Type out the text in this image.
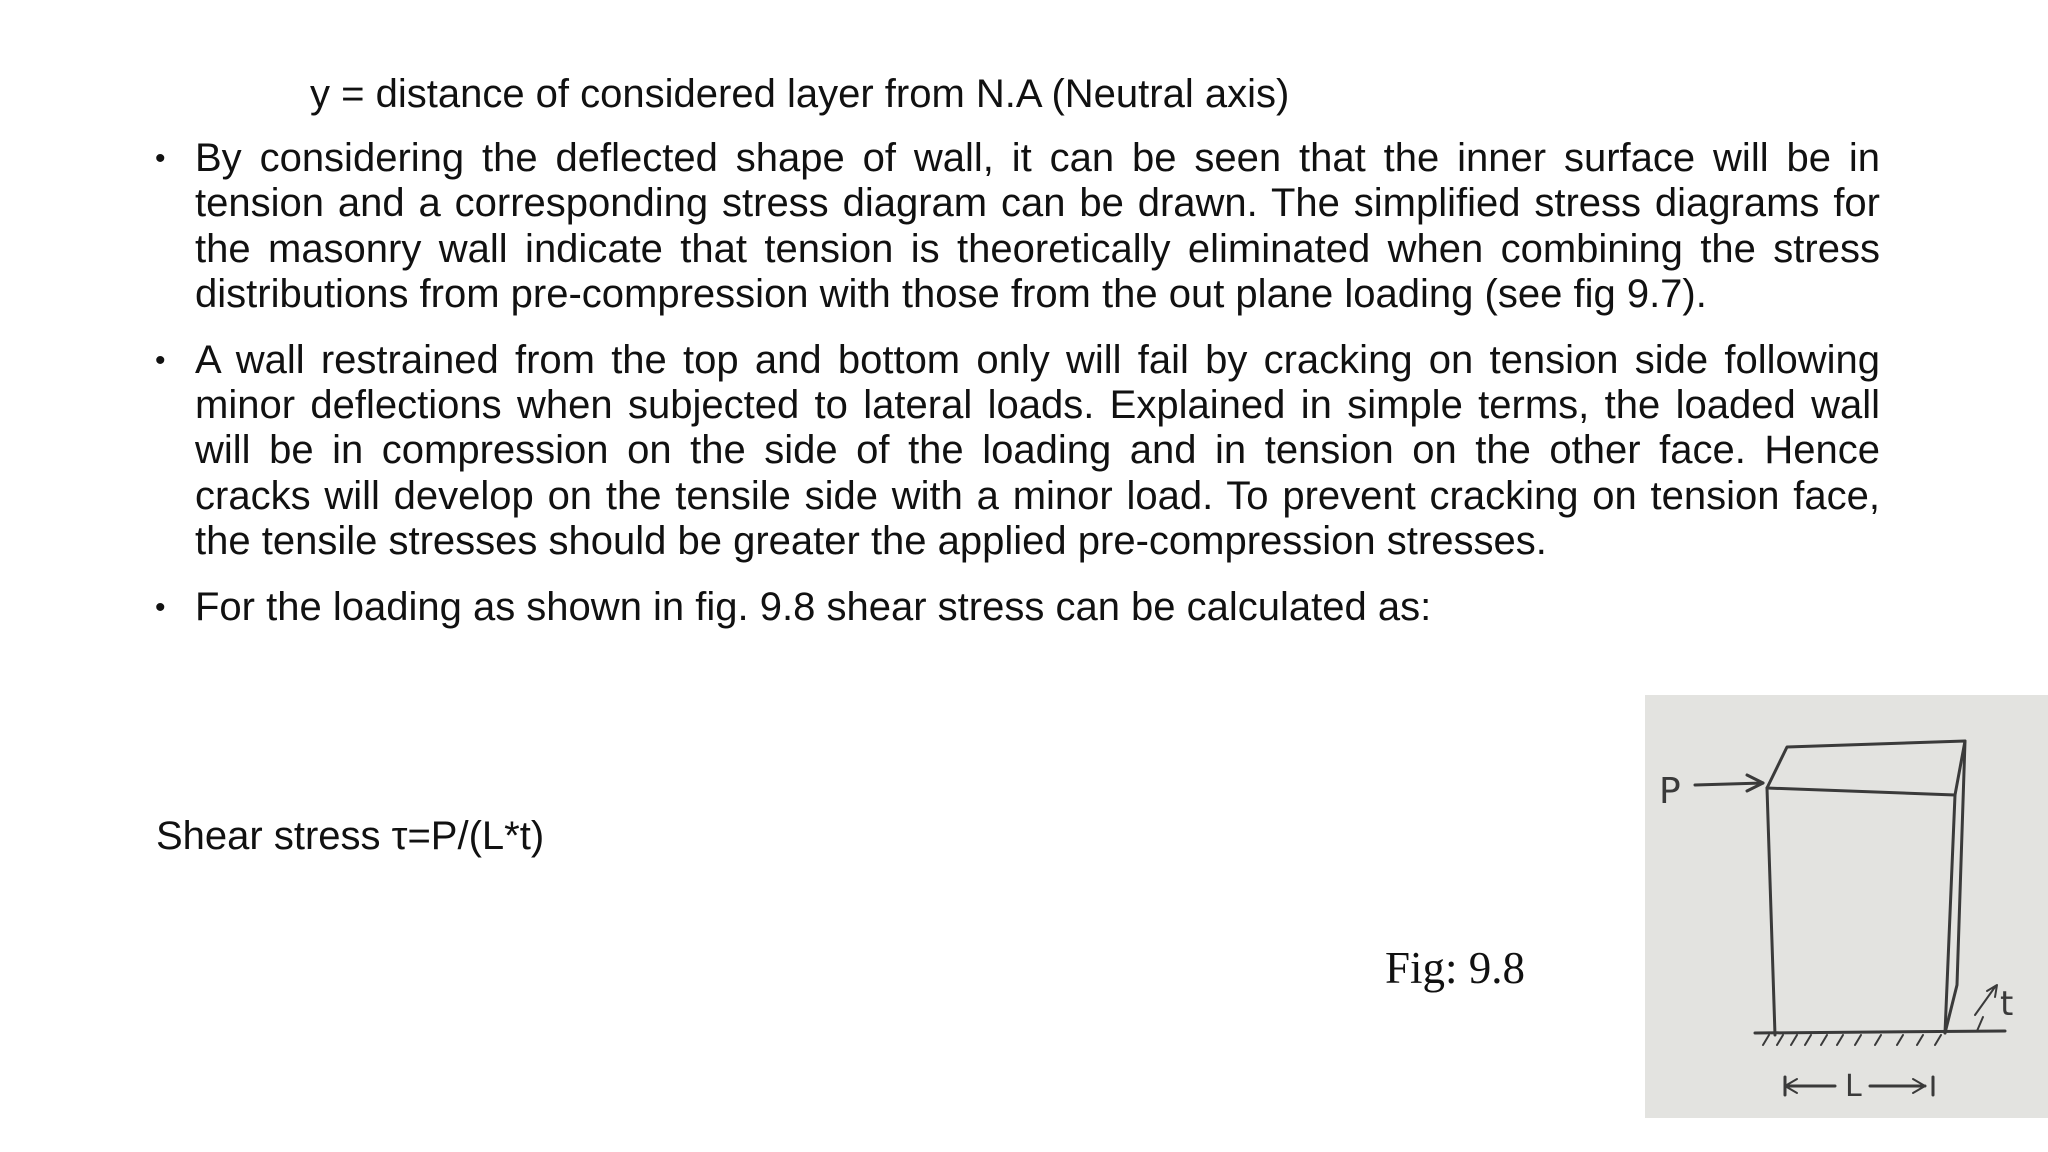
y = distance of considered layer from N.A (Neutral axis)
• By considering the deflected shape of wall, it can be seen that the inner surface will be in tension and a corresponding stress diagram can be drawn. The simplified stress diagrams for the masonry wall indicate that tension is theoretically eliminated when combining the stress distributions from pre-compression with those from the out plane loading (see fig 9.7).
• A wall restrained from the top and bottom only will fail by cracking on tension side following minor deflections when subjected to lateral loads. Explained in simple terms, the loaded wall will be in compression on the side of the loading and in tension on the other face. Hence cracks will develop on the tensile side with a minor load. To prevent cracking on tension face, the tensile stresses should be greater the applied pre-compression stresses.
• For the loading as shown in fig. 9.8 shear stress can be calculated as:
Shear stress τ=P/(L*t)
Fig: 9.8
P
L
t
